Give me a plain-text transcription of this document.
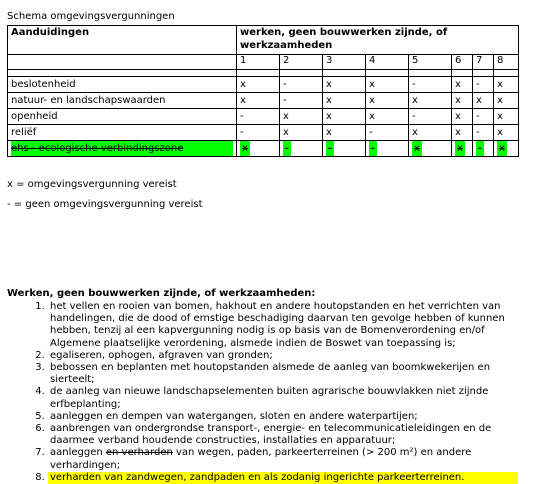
Schema omgevingsvergunningen
Aanduidingen	werken, geen bouwwerken zijnde, of werkzaamheden							
	1	2	3	4	5	6	7	8

beslotenheid	x	-	x	x	-	x	-	x
natuur- en landschapswaarden	x	-	x	x	x	x	x	x
openheid	-	x	x	x	-	x	-	x
reliëf	-	x	x	-	x	x	-	x
ehs - ecologische verbindingszone	x	-	-	-	x	x	-	x
x = omgevingsvergunning vereist
- = geen omgevingsvergunning vereist
Werken, geen bouwwerken zijnde, of werkzaamheden:
1. het vellen en rooien van bomen, hakhout en andere houtopstanden en het verrichten van handelingen, die de dood of ernstige beschadiging daarvan ten gevolge hebben of kunnen hebben, tenzij al een kapvergunning nodig is op basis van de Bomenverordening en/of Algemene plaatselijke verordening, alsmede indien de Boswet van toepassing is;
2. egaliseren, ophogen, afgraven van gronden;
3. bebossen en beplanten met houtopstanden alsmede de aanleg van boomkwekerijen en sierteelt;
4. de aanleg van nieuwe landschapselementen buiten agrarische bouwvlakken niet zijnde erfbeplanting;
5. aanleggen en dempen van watergangen, sloten en andere waterpartijen;
6. aanbrengen van ondergrondse transport-, energie- en telecommunicatieleidingen en de daarmee verband houdende constructies, installaties en apparatuur;
7. aanleggen en verharden van wegen, paden, parkeerterreinen (> 200 m²) en andere verhardingen;
8. verharden van zandwegen, zandpaden en als zodanig ingerichte parkeerterreinen.
